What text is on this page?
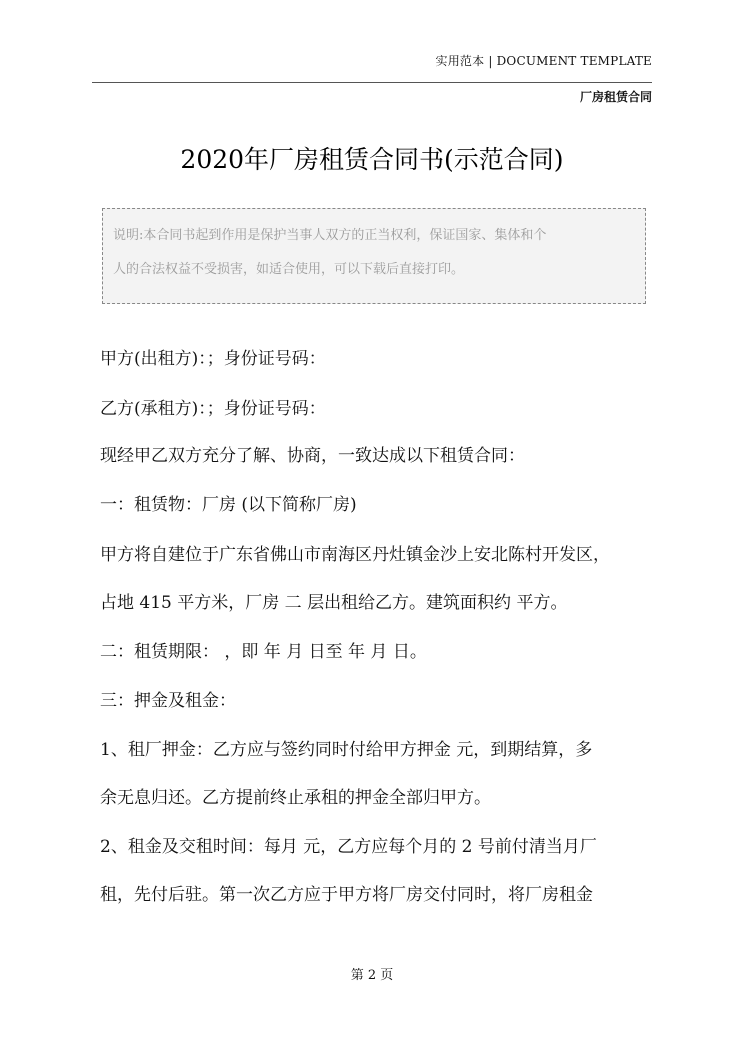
实用范本 | DOCUMENT TEMPLATE
厂房租赁合同
2020年厂房租赁合同书(示范合同)
说明:本合同书起到作用是保护当事人双方的正当权利，保证国家、集体和个
人的合法权益不受损害，如适合使用，可以下载后直接打印。
甲方(出租方)：；身份证号码：
乙方(承租方)：；身份证号码：
现经甲乙双方充分了解、协商，一致达成以下租赁合同：
一：租赁物：厂房 (以下简称厂房)
甲方将自建位于广东省佛山市南海区丹灶镇金沙上安北陈村开发区，
占地 415 平方米，厂房 二 层出租给乙方。建筑面积约 平方。
二：租赁期限： ，即 年 月 日至 年 月 日。
三：押金及租金：
1、租厂押金：乙方应与签约同时付给甲方押金 元，到期结算，多
余无息归还。乙方提前终止承租的押金全部归甲方。
2、租金及交租时间：每月 元，乙方应每个月的 2 号前付清当月厂
租，先付后驻。第一次乙方应于甲方将厂房交付同时，将厂房租金
第 2 页
